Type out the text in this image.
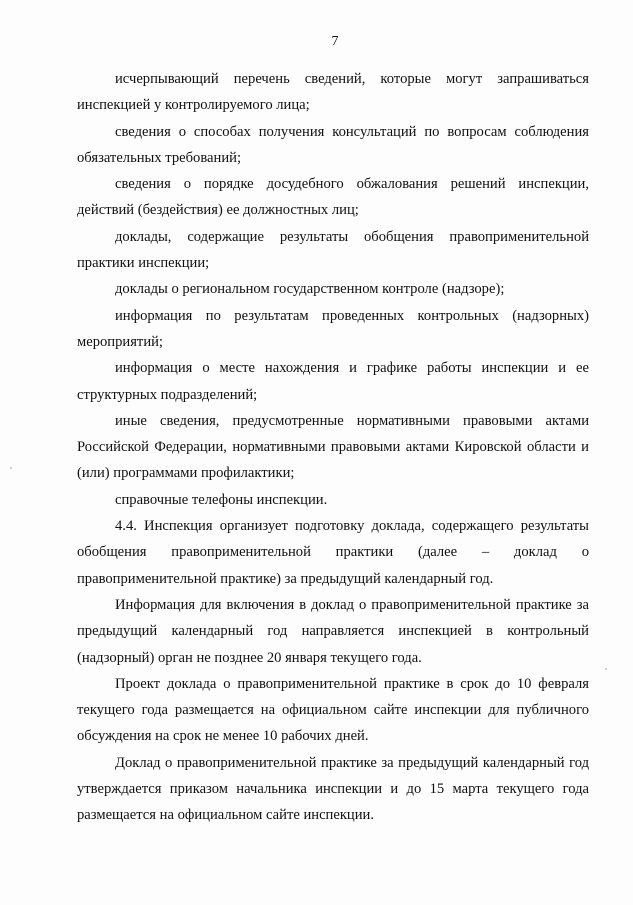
7

исчерпывающий перечень сведений, которые могут запрашиваться инспекцией у контролируемого лица;

сведения о способах получения консультаций по вопросам соблюдения обязательных требований;

сведения о порядке досудебного обжалования решений инспекции, действий (бездействия) ее должностных лиц;

доклады, содержащие результаты обобщения правоприменительной практики инспекции;

доклады о региональном государственном контроле (надзоре);

информация по результатам проведенных контрольных (надзорных) мероприятий;

информация о месте нахождения и графике работы инспекции и ее структурных подразделений;

иные сведения, предусмотренные нормативными правовыми актами Российской Федерации, нормативными правовыми актами Кировской области и (или) программами профилактики;

справочные телефоны инспекции.

4.4. Инспекция организует подготовку доклада, содержащего результаты обобщения правоприменительной практики (далее – доклад о правоприменительной практике) за предыдущий календарный год.

Информация для включения в доклад о правоприменительной практике за предыдущий календарный год направляется инспекцией в контрольный (надзорный) орган не позднее 20 января текущего года.

Проект доклада о правоприменительной практике в срок до 10 февраля текущего года размещается на официальном сайте инспекции для публичного обсуждения на срок не менее 10 рабочих дней.

Доклад о правоприменительной практике за предыдущий календарный год утверждается приказом начальника инспекции и до 15 марта текущего года размещается на официальном сайте инспекции.
